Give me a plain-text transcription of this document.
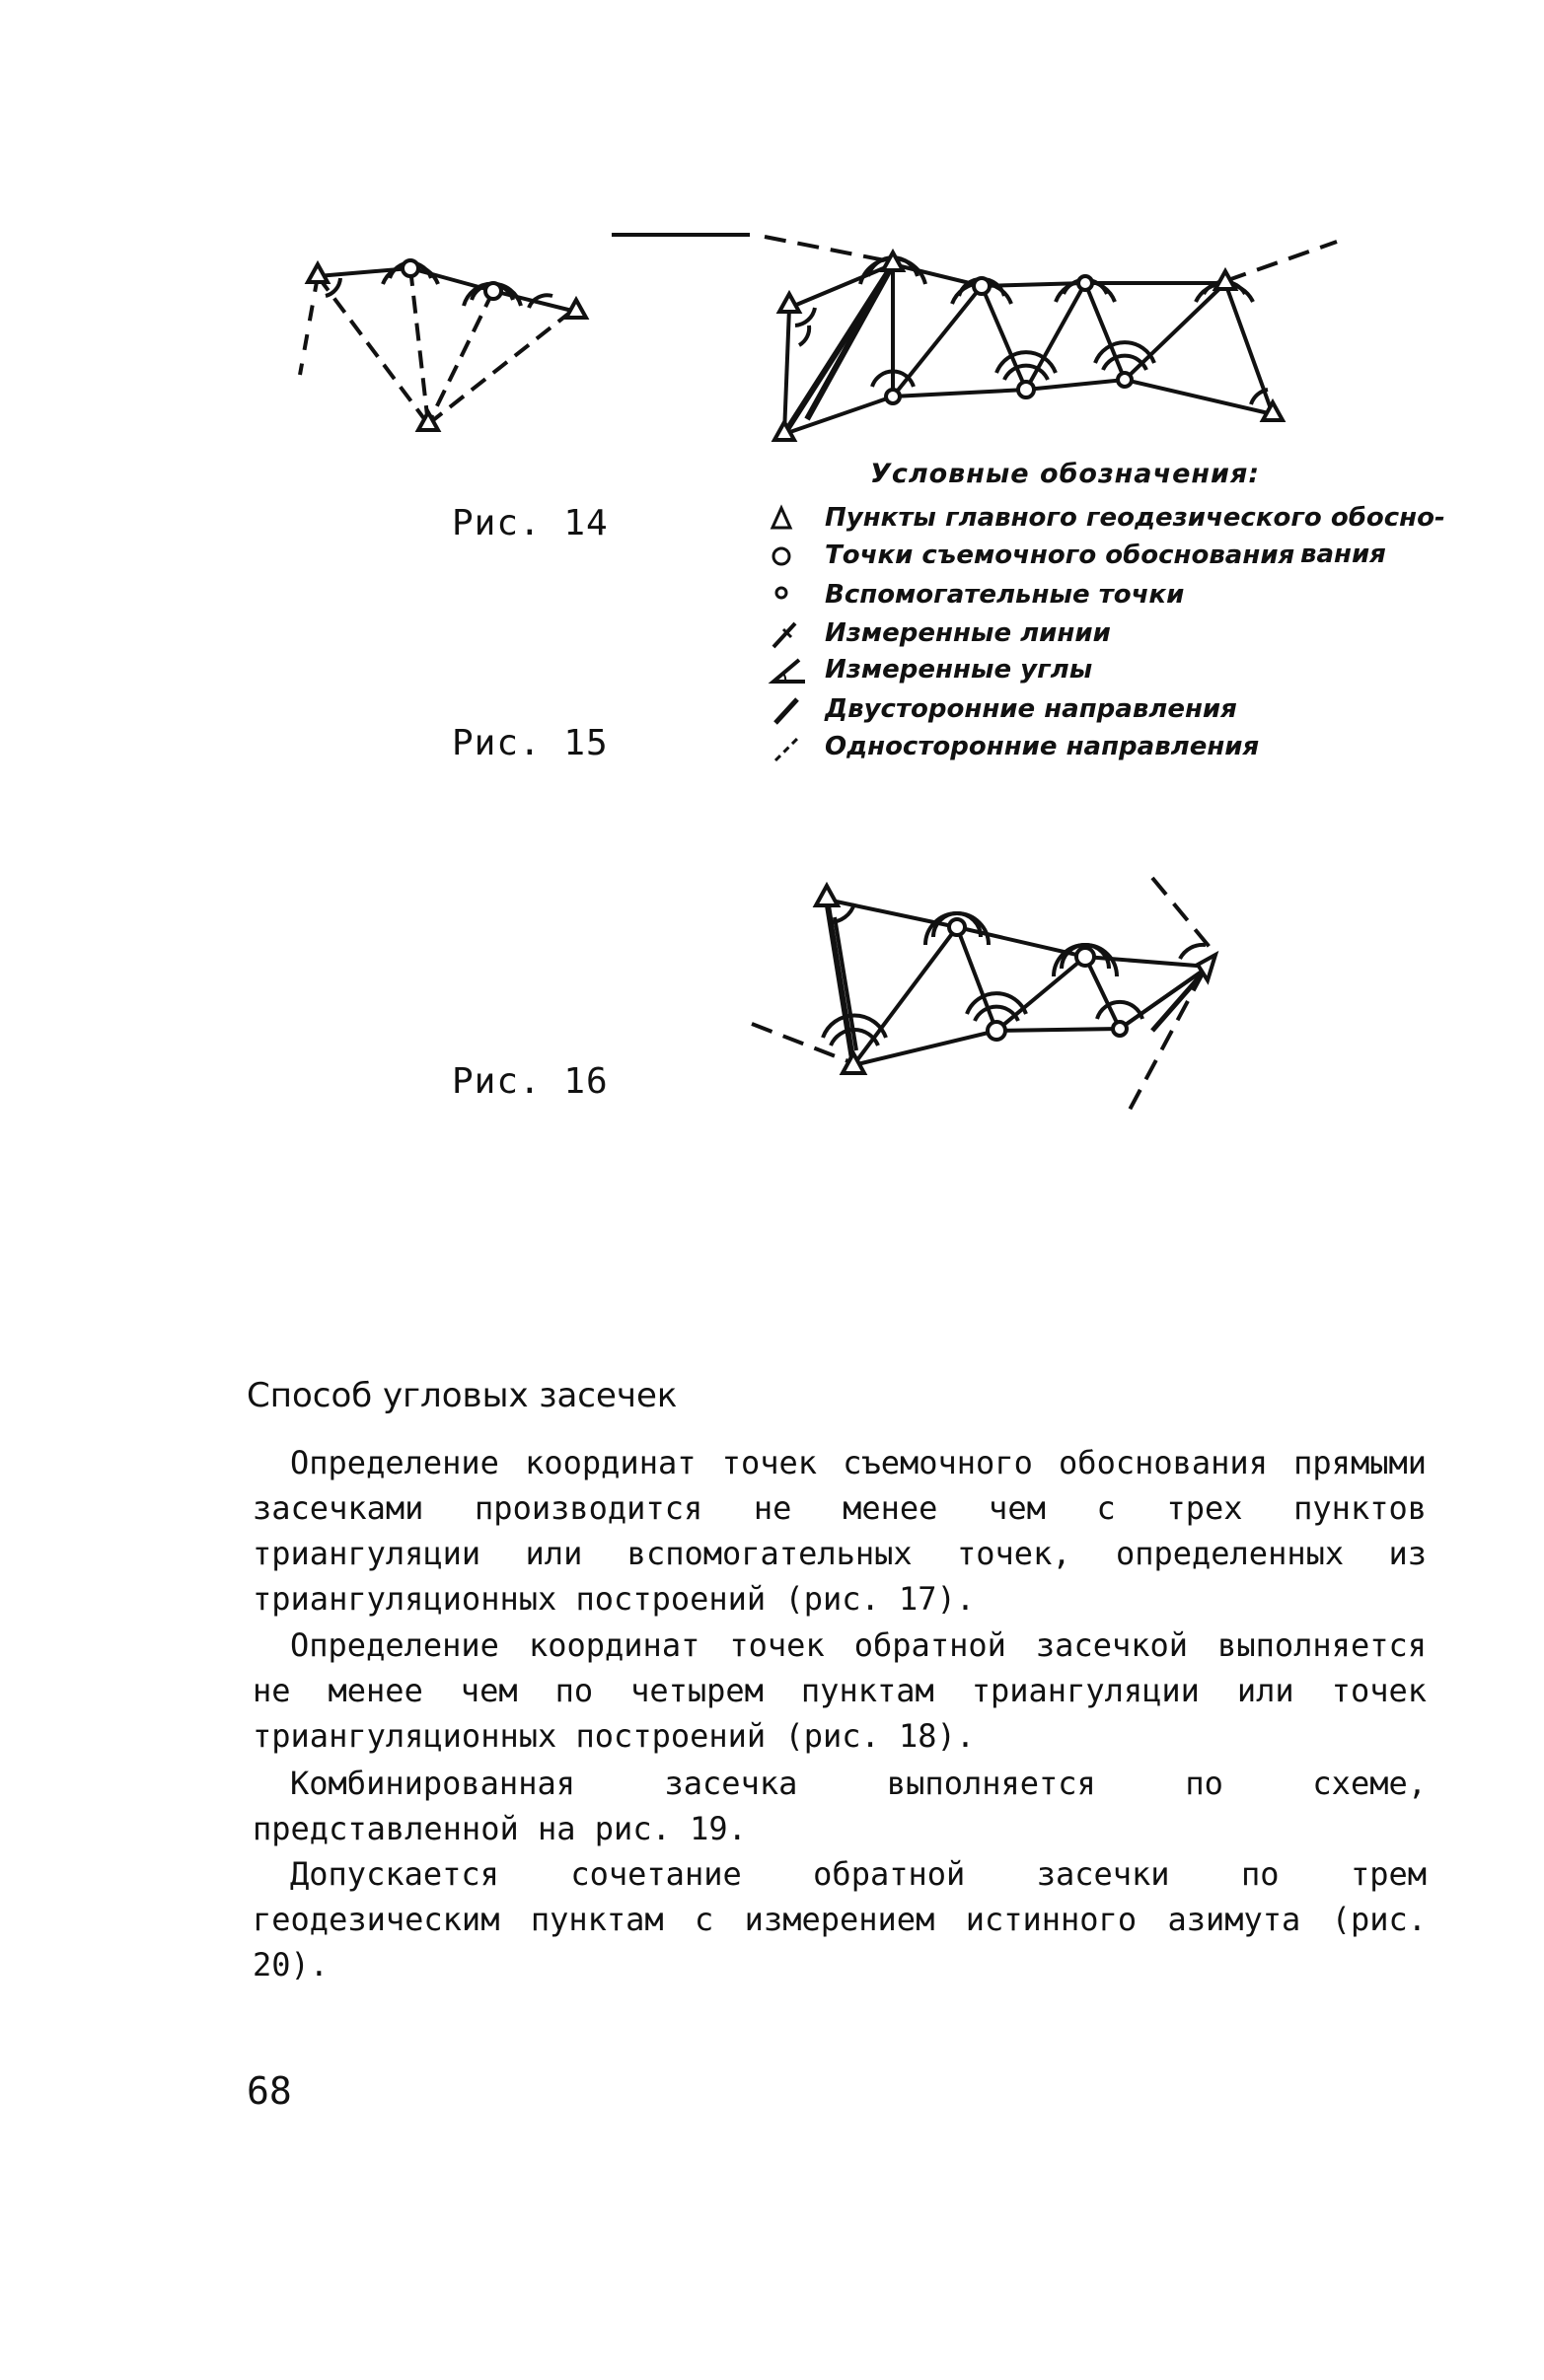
Рис. 14
Рис. 15
Рис. 16
Условные обозначения:
Пункты главного геодезического обосно-
вания
Точки съемочного обоснования
Вспомогательные точки
Измеренные линии
Измеренные углы
Двусторонние направления
Односторонние направления
Способ угловых засечек
Определение координат точек съемочного обоснования прямыми засечками производится не менее чем с трех пунктов триангуляции или вспомогательных точек, определенных из триангуляционных построений (рис. 17).
Определение координат точек обратной засечкой выполняется не менее чем по четырем пунктам триангуляции или точек триангуляционных построений (рис. 18).
Комбинированная засечка выполняется по схеме, представленной на рис. 19.
Допускается сочетание обратной засечки по трем геодезическим пунктам с измерением истинного азимута (рис. 20).
68
